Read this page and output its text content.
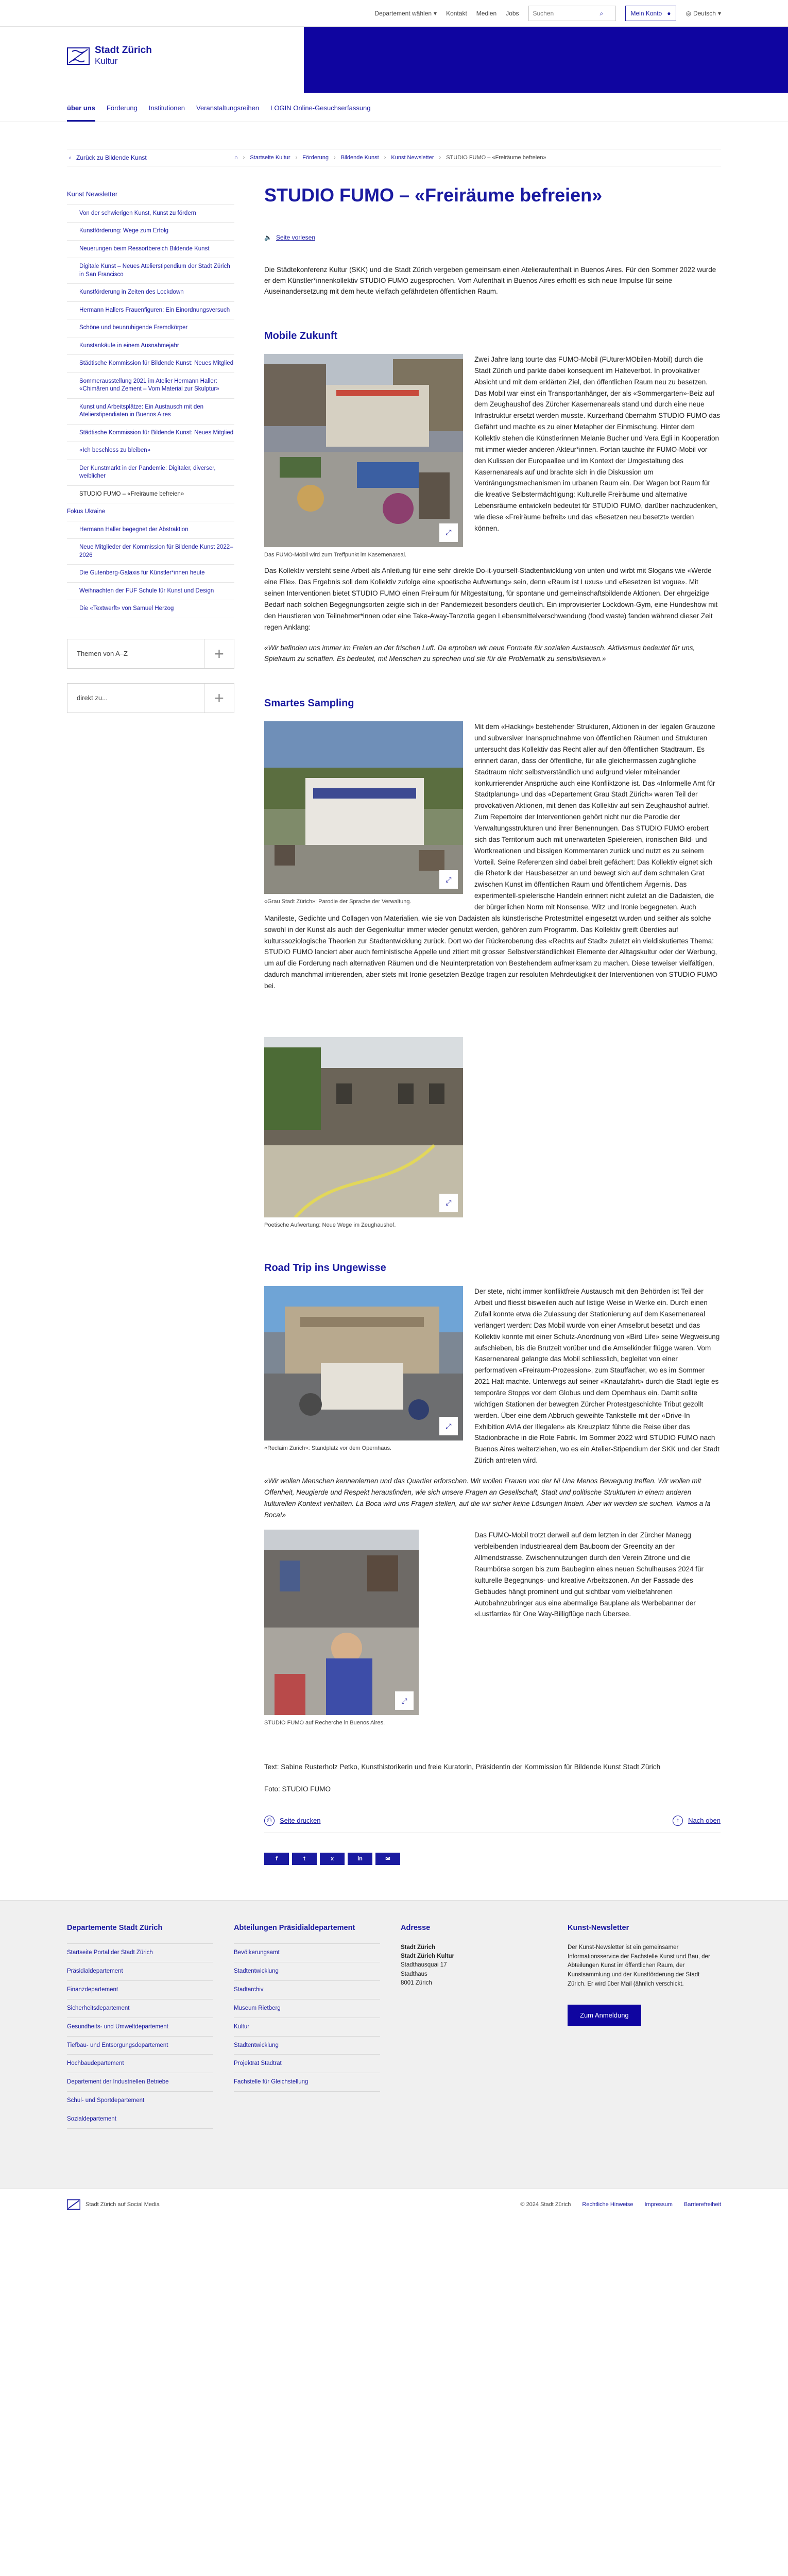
Departement wählen ▾ Kontakt Medien Jobs
Suchen	⌕	Mein Konto ● ◎ Deutsch ▾
Stadt Zürich
Kultur
über uns Förderung Institutionen Veranstaltungsreihen LOGIN Online-Gesuchserfassung
‹ Zurück zu Bildende Kunst	⌂ › Startseite Kultur › Förderung › Bildende Kunst › Kunst Newsletter › STUDIO FUMO – «Freiräume befreien»
Kunst Newsletter
Von der schwierigen Kunst, Kunst zu fördern
Kunstförderung: Wege zum Erfolg
Neuerungen beim Ressortbereich Bildende Kunst
Digitale Kunst – Neues Atelierstipendium der Stadt Zürich in San Francisco
Kunstförderung in Zeiten des Lockdown
Hermann Hallers Frauenfiguren: Ein Einordnungsversuch
Schöne und beunruhigende Fremdkörper
Kunstankäufe in einem Ausnahmejahr
Städtische Kommission für Bildende Kunst: Neues Mitglied
Sommerausstellung 2021 im Atelier Hermann Haller: «Chimären und Zement – Vom Material zur Skulptur»
Kunst und Arbeitsplätze: Ein Austausch mit den Atelierstipendiaten in Buenos Aires
Städtische Kommission für Bildende Kunst: Neues Mitglied
«Ich beschloss zu bleiben»
Der Kunstmarkt in der Pandemie: Digitaler, diverser, weiblicher
STUDIO FUMO – «Freiräume befreien»
Fokus Ukraine
Hermann Haller begegnet der Abstraktion
Neue Mitglieder der Kommission für Bildende Kunst 2022–2026
Die Gutenberg-Galaxis für Künstler*innen heute
Weihnachten der FUF Schule für Kunst und Design
Die «Textwerft» von Samuel Herzog
Themen von A–Z	+
direkt zu...	+
STUDIO FUMO – «Freiräume befreien»
🔈 Seite vorlesen

Die Städtekonferenz Kultur (SKK) und die Stadt Zürich vergeben gemeinsam einen Atelieraufenthalt in Buenos Aires. Für den Sommer 2022 wurde er dem Künstler*innenkollektiv STUDIO FUMO zugesprochen. Vom Aufenthalt in Buenos Aires erhofft es sich neue Impulse für seine Auseinandersetzung mit dem heute vielfach gefährdeten öffentlichen Raum.

Mobile Zukunft
⤢
Das FUMO-Mobil wird zum Treffpunkt im Kasernenareal.

Zwei Jahre lang tourte das FUMO-Mobil (FUturerMObilen-Mobil) durch die Stadt Zürich und parkte dabei konsequent im Halteverbot. In provokativer Absicht und mit dem erklärten Ziel, den öffentlichen Raum neu zu besetzen. Das Mobil war einst ein Transportanhänger, der als «Sommergarten»-Beiz auf dem Zeughaushof des Zürcher Kasernenareals stand und durch eine neue Infrastruktur ersetzt werden musste. Kurzerhand übernahm STUDIO FUMO das Gefährt und machte es zu einer Metapher der Einmischung. Hinter dem Kollektiv stehen die Künstlerinnen Melanie Bucher und Vera Egli in Kooperation mit immer wieder anderen Akteur*innen. Fortan tauchte ihr FUMO-Mobil vor den Kulissen der Europaallee und im Kontext der Umgestaltung des Kasernenareals auf und brachte sich in die Diskussion um Verdrängungsmechanismen im urbanen Raum ein. Der Wagen bot Raum für die kreative Selbstermächtigung: Kulturelle Freiräume und alternative Lebensräume entwickeln bedeutet für STUDIO FUMO, darüber nachzudenken, wie diese «Freiräume befreit» und das «Besetzen neu besetzt» werden können.

Das Kollektiv versteht seine Arbeit als Anleitung für eine sehr direkte Do-it-yourself-Stadtentwicklung von unten und wirbt mit Slogans wie «Werde eine Elle». Das Ergebnis soll dem Kollektiv zufolge eine «poetische Aufwertung» sein, denn «Raum ist Luxus» und «Besetzen ist vogue». Mit seinen Interventionen bietet STUDIO FUMO einen Freiraum für Mitgestaltung, für spontane und gemeinschaftsbildende Aktionen. Der ehrgeizige Bedarf nach solchen Begegnungsorten zeigte sich in der Pandemiezeit besonders deutlich. Ein improvisierter Lockdown-Gym, eine Hundeshow mit den Haustieren von Teilnehmer*innen oder eine Take-Away-Tanzotla gegen Lebensmittelverschwendung (food waste) fanden während dieser Zeit regen Anklang:

«Wir befinden uns immer im Freien an der frischen Luft. Da erproben wir neue Formate für sozialen Austausch. Aktivismus bedeutet für uns, Spielraum zu schaffen. Es bedeutet, mit Menschen zu sprechen und sie für die Problematik zu sensibilisieren.»

Smartes Sampling
⤢
«Grau Stadt Zürich»: Parodie der Sprache der Verwaltung.

Mit dem «Hacking» bestehender Strukturen, Aktionen in der legalen Grauzone und subversiver Inanspruchnahme von öffentlichen Räumen und Strukturen untersucht das Kollektiv das Recht aller auf den öffentlichen Stadtraum. Es erinnert daran, dass der öffentliche, für alle gleichermassen zugängliche Stadtraum nicht selbstverständlich und aufgrund vieler miteinander konkurrierender Ansprüche auch eine Konfliktzone ist. Das «Informelle Amt für Stadtplanung» und das «Departement Grau Stadt Zürich» waren Teil der provokativen Aktionen, mit denen das Kollektiv auf sein Zeughaushof aufrief. Zum Repertoire der Interventionen gehört nicht nur die Parodie der Verwaltungsstrukturen und ihrer Benennungen. Das STUDIO FUMO erobert sich das Territorium auch mit unerwarteten Spielereien, ironischen Bild- und Wortkreationen und bissigen Kommentaren zurück und nutzt es zu seinem Vorteil. Seine Referenzen sind dabei breit gefächert: Das Kollektiv eignet sich die Rhetorik der Hausbesetzer an und bewegt sich auf dem schmalen Grat zwischen Kunst im öffentlichen Raum und öffentlichem Ärgernis. Das experimentell-spielerische Handeln erinnert nicht zuletzt an die Dadaisten, die der bürgerlichen Norm mit Nonsense, Witz und Ironie begegneten. Auch Manifeste, Gedichte und Collagen von Materialien, wie sie von Dadaisten als künstlerische Protestmittel eingesetzt wurden und seither als solche sowohl in der Kunst als auch der Gegenkultur immer wieder genutzt werden, gehören zum Programm. Das Kollektiv greift überdies auf kulturssoziologische Theorien zur Stadtentwicklung zurück. Dort wo der Rückeroberung des «Rechts auf Stadt» zuletzt ein vieldiskutiertes Thema: STUDIO FUMO lanciert aber auch feministische Appelle und zitiert mit grosser Selbstverständlichkeit Elemente der Alltagskultur oder der Werbung, um auf die Forderung nach alternativen Räumen und die Neuinterpretation von Bestehendem aufmerksam zu machen. Diese teweiser vielfältigen, dadurch manchmal irritierenden, aber stets mit Ironie gesetzten Bezüge tragen zur resoluten Mehrdeutigkeit der Interventionen von STUDIO FUMO bei.

⤢
Poetische Aufwertung: Neue Wege im Zeughaushof.
Road Trip ins Ungewisse
⤢
«Reclaim Zurich»: Standplatz vor dem Opernhaus.

Der stete, nicht immer konfliktfreie Austausch mit den Behörden ist Teil der Arbeit und fliesst bisweilen auch auf listige Weise in Werke ein. Durch einen Zufall konnte etwa die Zulassung der Stationierung auf dem Kasernenareal verlängert werden: Das Mobil wurde von einer Amselbrut besetzt und das Kollektiv konnte mit einer Schutz-Anordnung von «Bird Life» seine Wegweisung aufschieben, bis die Brutzeit vorüber und die Amselkinder flügge waren. Vom Kasernenareal gelangte das Mobil schliesslich, begleitet von einer performativen «Freiraum-Prozession», zum Stauffacher, wo es im Sommer 2021 Halt machte. Unterwegs auf seiner «Knautzfahrt» durch die Stadt legte es temporäre Stopps vor dem Globus und dem Opernhaus ein. Damit sollte wichtigen Stationen der bewegten Zürcher Protestgeschichte Tribut gezollt werden. Über eine dem Abbruch geweihte Tankstelle mit der «Drive-In Exhibition AVIA der Illegalen» als Kreuzplatz führte die Reise über das Stadionbrache in die Rote Fabrik. Im Sommer 2022 wird STUDIO FUMO nach Buenos Aires weiterziehen, wo es ein Atelier-Stipendium der SKK und der Stadt Zürich antreten wird.

«Wir wollen Menschen kennenlernen und das Quartier erforschen. Wir wollen Frauen von der Ni Una Menos Bewegung treffen. Wir wollen mit Offenheit, Neugierde und Respekt herausfinden, wie sich unsere Fragen an Gesellschaft, Stadt und politische Strukturen in einem anderen kulturellen Kontext verhalten. La Boca wird uns Fragen stellen, auf die wir sicher keine Lösungen finden. Aber wir werden sie suchen. Vamos a la Boca!»

⤢
STUDIO FUMO auf Recherche in Buenos Aires.

Das FUMO-Mobil trotzt derweil auf dem letzten in der Zürcher Manegg verbleibenden Industrieareal dem Bauboom der Greencity an der Allmendstrasse. Zwischennutzungen durch den Verein Zitrone und die Raumbörse sorgen bis zum Baubeginn eines neuen Schulhauses 2024 für kulturelle Begegnungs- und kreative Arbeitszonen. An der Fassade des Gebäudes hängt prominent und gut sichtbar vom vielbefahrenen Autobahnzubringer aus eine abermalige Bauplane als Werbebanner der «Lustfarrie» für One Way-Billigflüge nach Übersee.

Text: Sabine Rusterholz Petko, Kunsthistorikerin und freie Kuratorin, Präsidentin der Kommission für Bildende Kunst Stadt Zürich
Foto: STUDIO FUMO
⎙	Seite drucken	↑	Nach oben
f	t	x	in	✉
Departemente Stadt Zürich
Startseite Portal der Stadt Zürich
Präsidialdepartement
Finanzdepartement
Sicherheitsdepartement
Gesundheits- und Umweltdepartement
Tiefbau- und Entsorgungsdepartement
Hochbaudepartement
Departement der Industriellen Betriebe
Schul- und Sportdepartement
Sozialdepartement
Abteilungen Präsidialdepartement
Bevölkerungsamt
Stadtentwicklung
Stadtarchiv
Museum Rietberg
Kultur
Stadtentwicklung
Projektrat Stadtrat
Fachstelle für Gleichstellung
Adresse
Stadt Zürich
Stadt Zürich Kultur
Stadthausquai 17
Stadthaus
8001 Zürich
Kunst-Newsletter
Der Kunst-Newsletter ist ein gemeinsamer Informationsservice der Fachstelle Kunst und Bau, der Abteilungen Kunst im öffentlichen Raum, der Kunstsammlung und der Kunstförderung der Stadt Zürich. Er wird über Mail (ähnlich verschickt.
Zum Anmeldung
Stadt Zürich auf Social Media	© 2024 Stadt Zürich Rechtliche Hinweise Impressum Barrierefreiheit
